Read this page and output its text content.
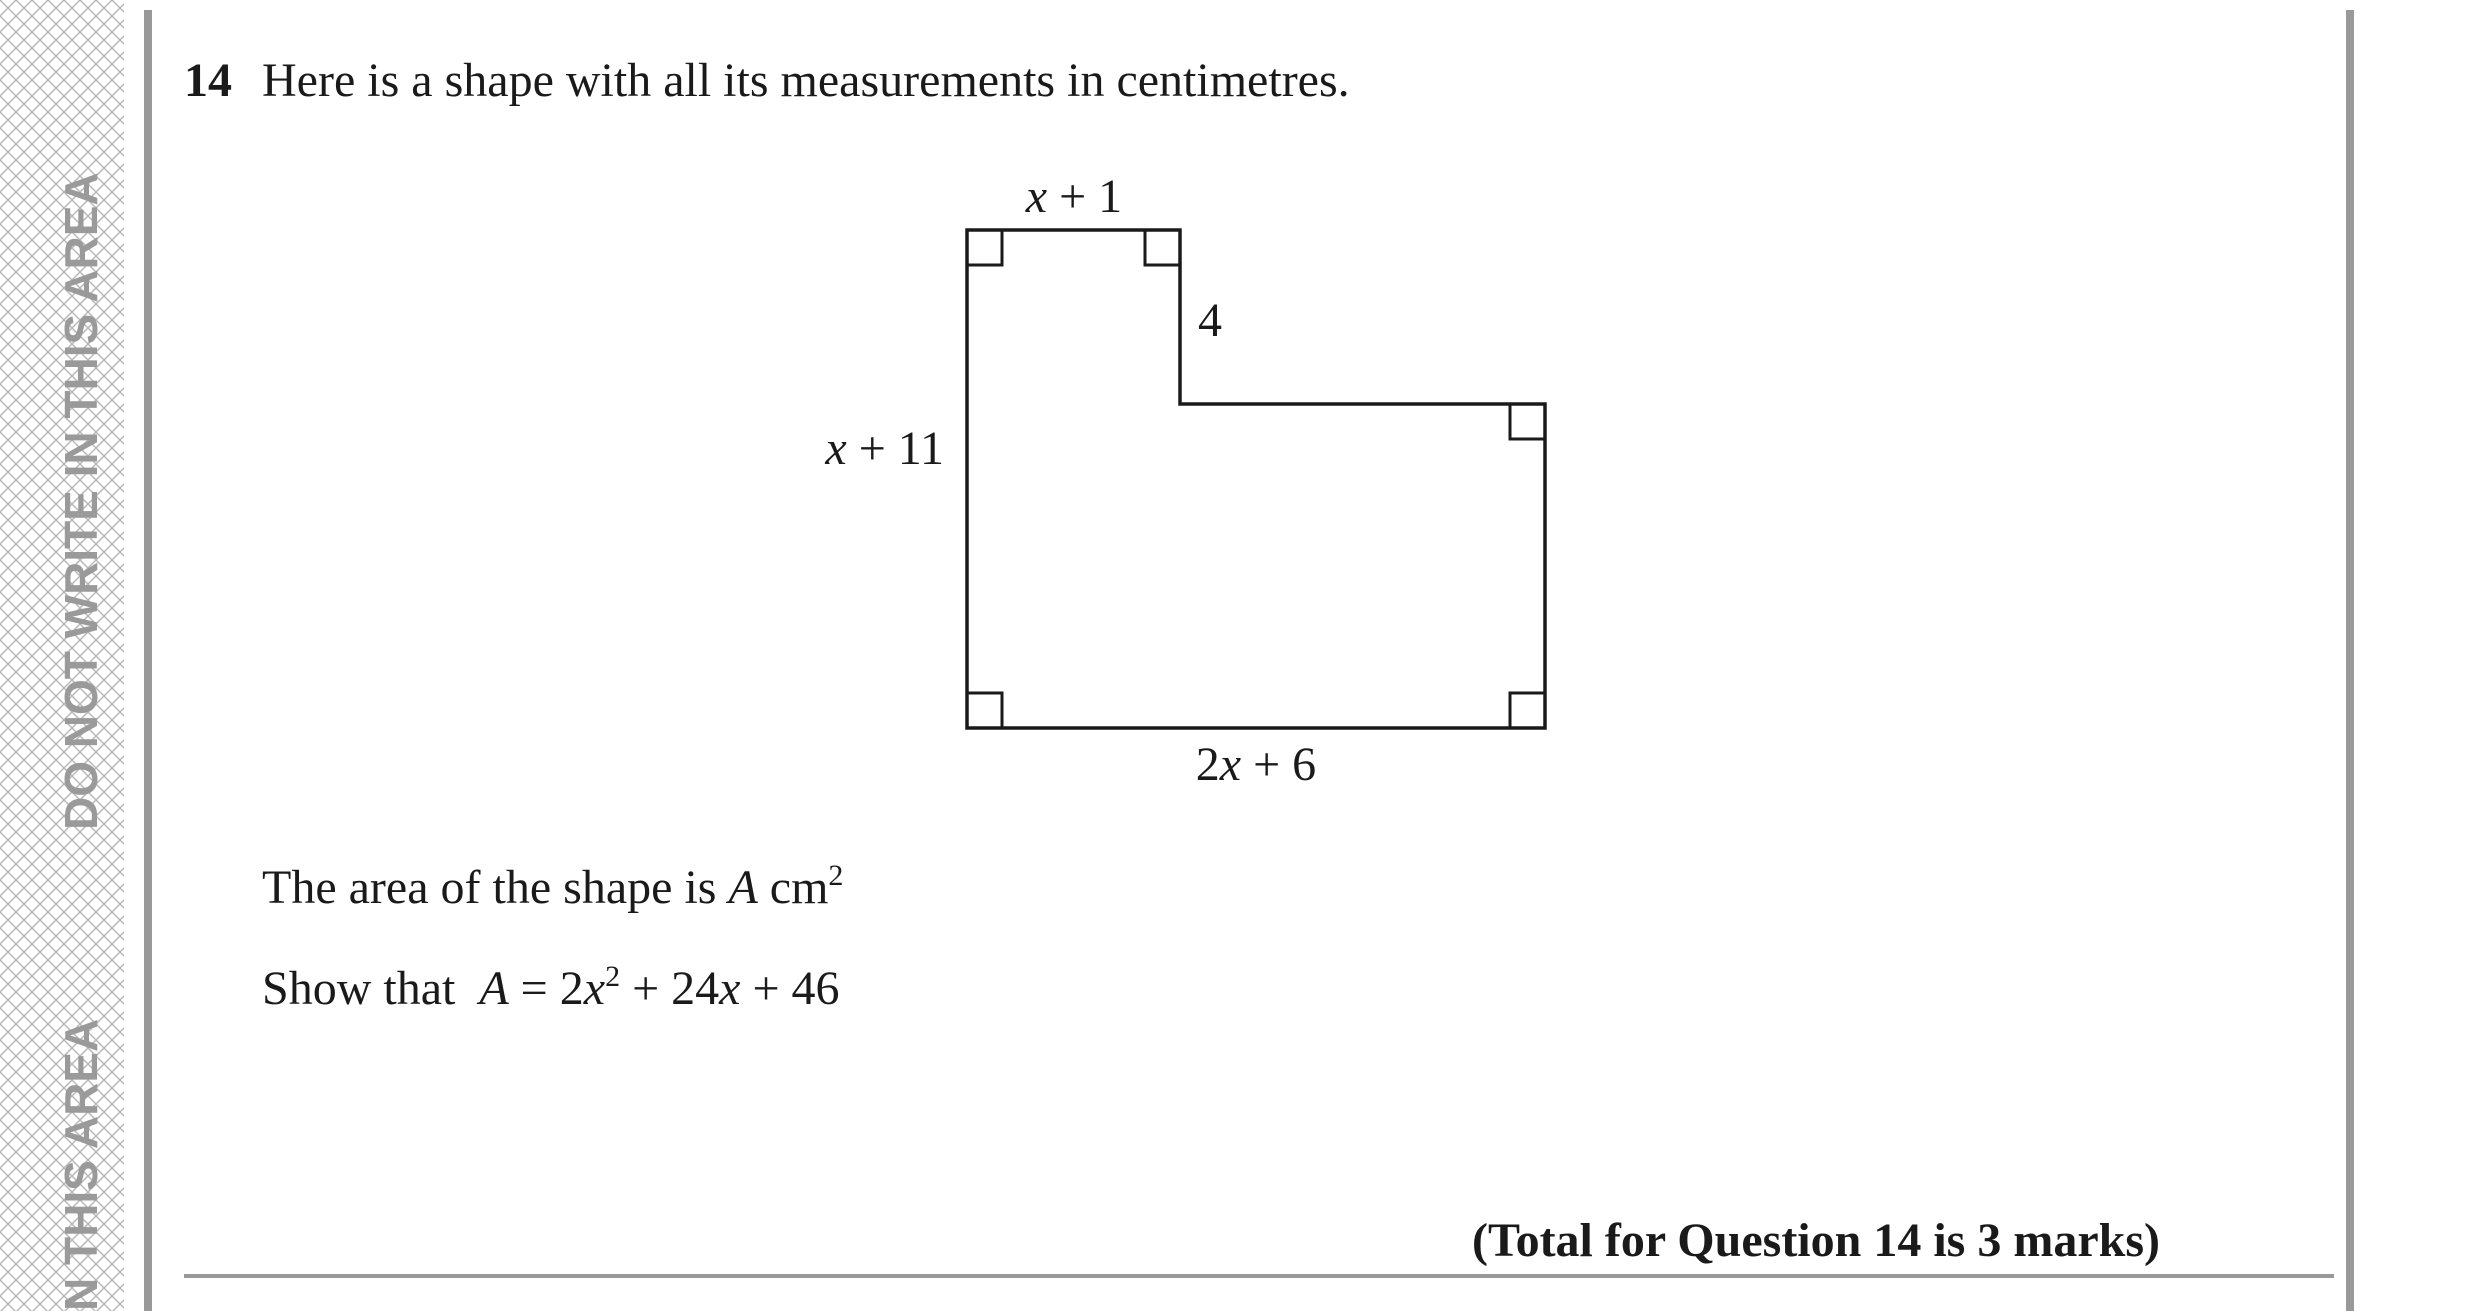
DO NOT WRITE IN THIS AREA
N THIS AREA
14 Here is a shape with all its measurements in centimetres.
x + 1
4
x + 11
2x + 6
The area of the shape is A $cm^2$
Show that  $A = 2x^2 + 24x + 46$
(Total for Question 14 is 3 marks)
